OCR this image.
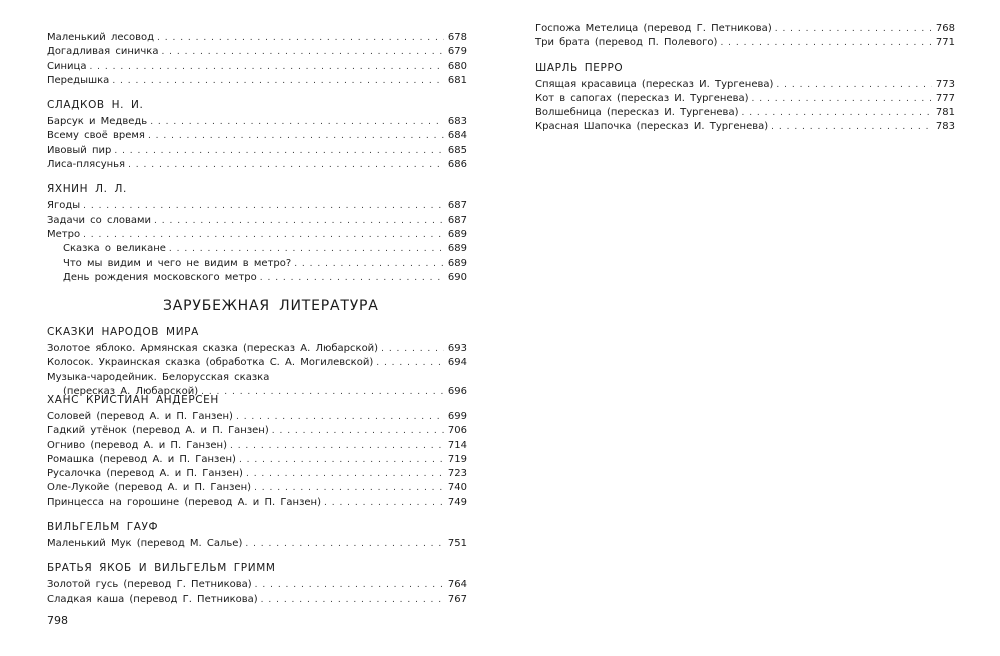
Маленький лесовод . . .	678
Догадливая синичка . . .	679
Синица . . .	680
Передышка . . .	681
СЛАДКОВ Н. И.
Барсук и Медведь . . .	683
Всему своё время . . .	684
Ивовый пир . . .	685
Лиса-плясунья . . .	686
ЯХНИН Л. Л.
Ягоды . . .	687
Задачи со словами . . .	687
Метро . . .	689
Сказка о великане . . .	689
Что мы видим и чего не видим в метро? . . .	689
День рождения московского метро . . .	690
ЗАРУБЕЖНАЯ ЛИТЕРАТУРА
СКАЗКИ НАРОДОВ МИРА
Золотое яблоко. Армянская сказка (пересказ А. Любарской) . . .	693
Колосок. Украинская сказка (обработка С. А. Могилевской) . . .	694
Музыка-чародейник. Белорусская сказка
(пересказ А. Любарской) . . .	696
ХАНС КРИСТИАН АНДЕРСЕН
Соловей (перевод А. и П. Ганзен) . . .	699
Гадкий утёнок (перевод А. и П. Ганзен) . . .	706
Огниво (перевод А. и П. Ганзен) . . .	714
Ромашка (перевод А. и П. Ганзен) . . .	719
Русалочка (перевод А. и П. Ганзен) . . .	723
Оле-Лукойе (перевод А. и П. Ганзен) . . .	740
Принцесса на горошине (перевод А. и П. Ганзен) . . .	749
ВИЛЬГЕЛЬМ ГАУФ
Маленький Мук (перевод М. Салье) . . .	751
БРАТЬЯ ЯКОБ И ВИЛЬГЕЛЬМ ГРИММ
Золотой гусь (перевод Г. Петникова) . . .	764
Сладкая каша (перевод Г. Петникова) . . .	767
Госпожа Метелица (перевод Г. Петникова) . . .	768
Три брата (перевод П. Полевого) . . .	771
ШАРЛЬ ПЕРРО
Спящая красавица (пересказ И. Тургенева) . . .	773
Кот в сапогах (пересказ И. Тургенева) . . .	777
Волшебница (пересказ И. Тургенева) . . .	781
Красная Шапочка (пересказ И. Тургенева) . . .	783
798
